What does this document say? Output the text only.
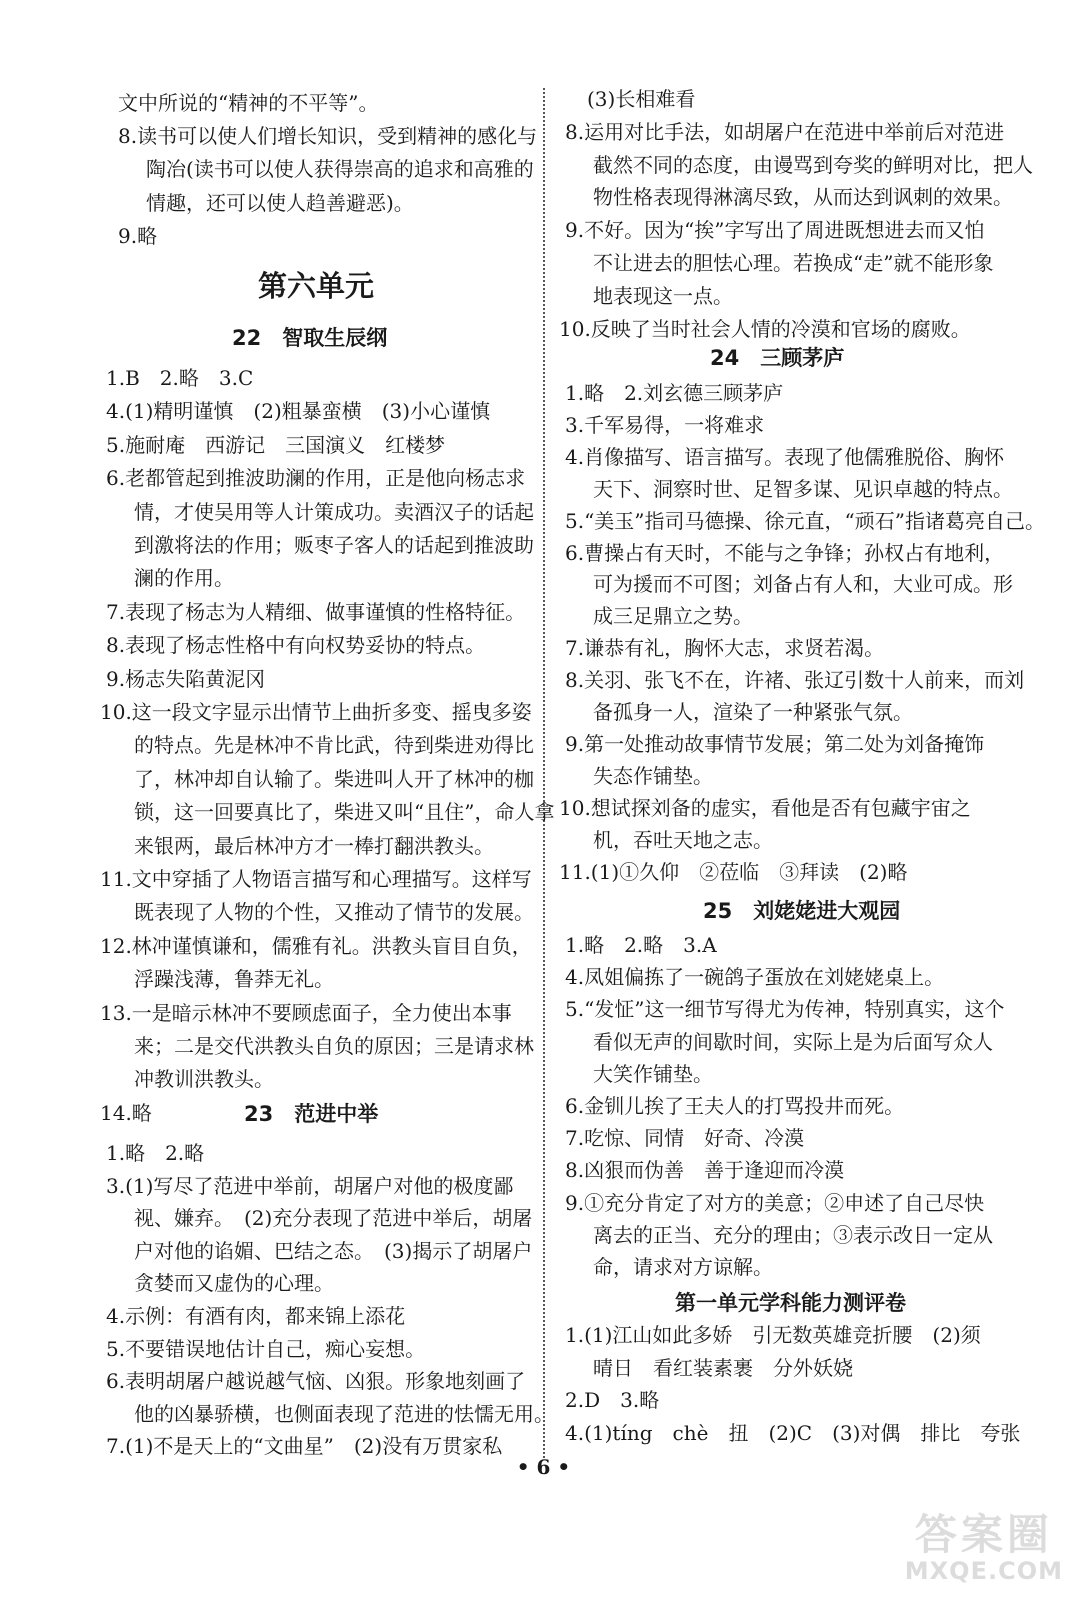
文中所说的“精神的不平等”。
8.读书可以使人们增长知识，受到精神的感化与
陶冶(读书可以使人获得崇高的追求和高雅的
情趣，还可以使人趋善避恶)。
9.略
第六单元
22　智取生辰纲
1.B　2.略　3.C
4.(1)精明谨慎　(2)粗暴蛮横　(3)小心谨慎
5.施耐庵　西游记　三国演义　红楼梦
6.老都管起到推波助澜的作用，正是他向杨志求
情，才使吴用等人计策成功。卖酒汉子的话起
到激将法的作用；贩枣子客人的话起到推波助
澜的作用。
7.表现了杨志为人精细、做事谨慎的性格特征。
8.表现了杨志性格中有向权势妥协的特点。
9.杨志失陷黄泥冈
10.这一段文字显示出情节上曲折多变、摇曳多姿
的特点。先是林冲不肯比武，待到柴进劝得比
了，林冲却自认输了。柴进叫人开了林冲的枷
锁，这一回要真比了，柴进又叫“且住”，命人拿
来银两，最后林冲方才一棒打翻洪教头。
11.文中穿插了人物语言描写和心理描写。这样写
既表现了人物的个性，又推动了情节的发展。
12.林冲谨慎谦和，儒雅有礼。洪教头盲目自负，
浮躁浅薄，鲁莽无礼。
13.一是暗示林冲不要顾虑面子，全力使出本事
来；二是交代洪教头自负的原因；三是请求林
冲教训洪教头。
14.略	23　范进中举
1.略　2.略
3.(1)写尽了范进中举前，胡屠户对他的极度鄙
视、嫌弃。　(2)充分表现了范进中举后，胡屠
户对他的谄媚、巴结之态。　(3)揭示了胡屠户
贪婪而又虚伪的心理。
4.示例：有酒有肉，都来锦上添花
5.不要错误地估计自己，痴心妄想。
6.表明胡屠户越说越气恼、凶狠。形象地刻画了
他的凶暴骄横，也侧面表现了范进的怯懦无用。
7.(1)不是天上的“文曲星”　(2)没有万贯家私
(3)长相难看
8.运用对比手法，如胡屠户在范进中举前后对范进
截然不同的态度，由谩骂到夸奖的鲜明对比，把人
物性格表现得淋漓尽致，从而达到讽刺的效果。
9.不好。因为“挨”字写出了周进既想进去而又怕
不让进去的胆怯心理。若换成“走”就不能形象
地表现这一点。
10.反映了当时社会人情的冷漠和官场的腐败。
24　三顾茅庐
1.略　2.刘玄德三顾茅庐
3.千军易得，一将难求
4.肖像描写、语言描写。表现了他儒雅脱俗、胸怀
天下、洞察时世、足智多谋、见识卓越的特点。
5.“美玉”指司马德操、徐元直，“顽石”指诸葛亮自己。
6.曹操占有天时，不能与之争锋；孙权占有地利，
可为援而不可图；刘备占有人和，大业可成。形
成三足鼎立之势。
7.谦恭有礼，胸怀大志，求贤若渴。
8.关羽、张飞不在，许褚、张辽引数十人前来，而刘
备孤身一人，渲染了一种紧张气氛。
9.第一处推动故事情节发展；第二处为刘备掩饰
失态作铺垫。
10.想试探刘备的虚实，看他是否有包藏宇宙之
机，吞吐天地之志。
11.(1)①久仰　②莅临　③拜读　(2)略
25　刘姥姥进大观园
1.略　2.略　3.A
4.凤姐偏拣了一碗鸽子蛋放在刘姥姥桌上。
5.“发怔”这一细节写得尤为传神，特别真实，这个
看似无声的间歇时间，实际上是为后面写众人
大笑作铺垫。
6.金钏儿挨了王夫人的打骂投井而死。
7.吃惊、同情　好奇、冷漠
8.凶狠而伪善　善于逢迎而冷漠
9.①充分肯定了对方的美意；②申述了自己尽快
离去的正当、充分的理由；③表示改日一定从
命，请求对方谅解。
第一单元学科能力测评卷
1.(1)江山如此多娇　引无数英雄竞折腰　(2)须
晴日　看红装素裹　分外妖娆
2.D　3.略
4.(1)tíng　chè　扭　(2)C　(3)对偶　排比　夸张
• 6 •
答案圈
MXQE.COM
